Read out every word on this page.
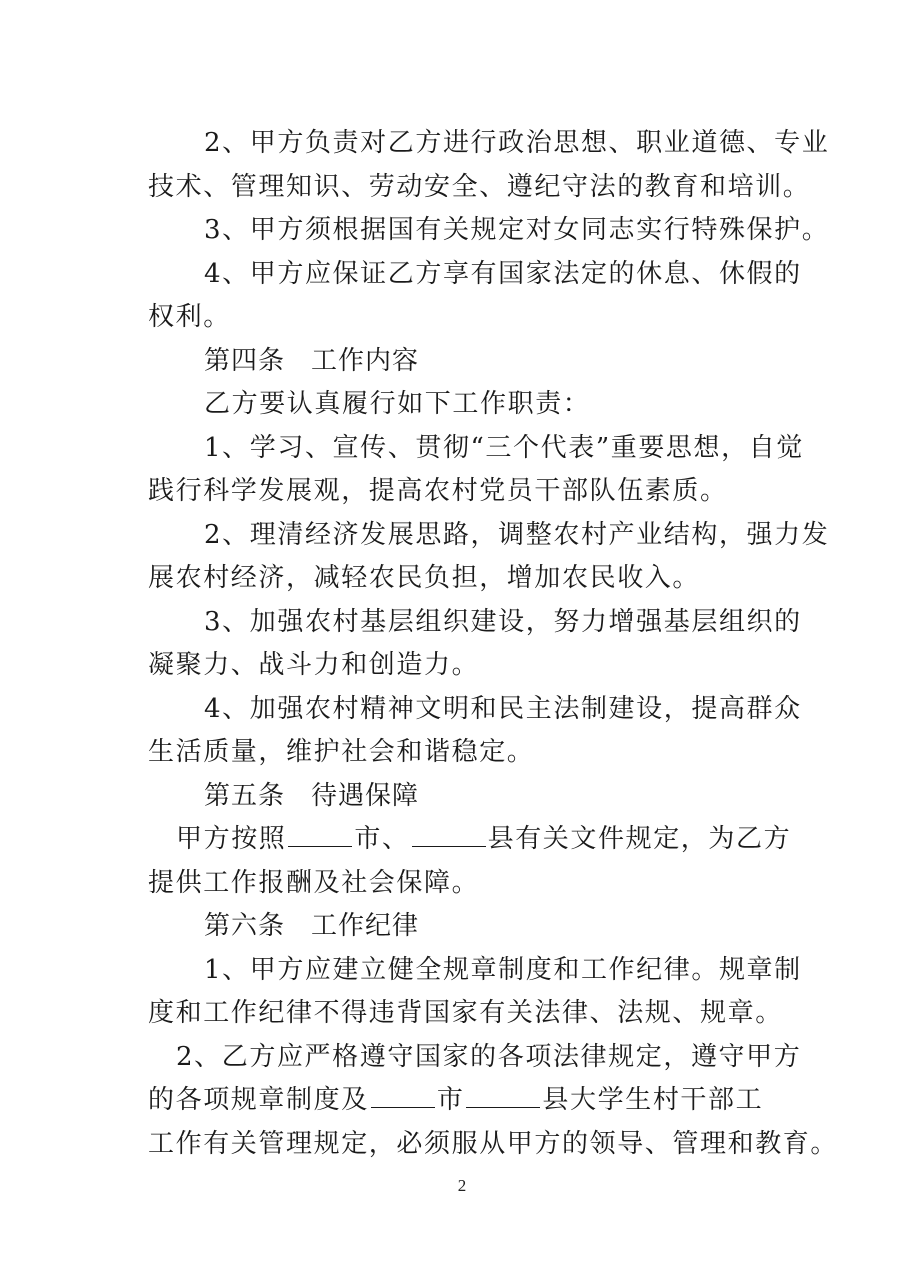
2、甲方负责对乙方进行政治思想、职业道德、专业
技术、管理知识、劳动安全、遵纪守法的教育和培训。
3、甲方须根据国有关规定对女同志实行特殊保护。
4、甲方应保证乙方享有国家法定的休息、休假的
权利。
第四条 工作内容
乙方要认真履行如下工作职责：
1、学习、宣传、贯彻“三个代表”重要思想，自觉
践行科学发展观，提高农村党员干部队伍素质。
2、理清经济发展思路，调整农村产业结构，强力发
展农村经济，减轻农民负担，增加农民收入。
3、加强农村基层组织建设，努力增强基层组织的
凝聚力、战斗力和创造力。
4、加强农村精神文明和民主法制建设，提高群众
生活质量，维护社会和谐稳定。
第五条 待遇保障
甲方按照	市、	县有关文件规定，为乙方
提供工作报酬及社会保障。
第六条 工作纪律
1、甲方应建立健全规章制度和工作纪律。规章制
度和工作纪律不得违背国家有关法律、法规、规章。
2、乙方应严格遵守国家的各项法律规定，遵守甲方
的各项规章制度及	市	县大学生村干部工
工作有关管理规定，必须服从甲方的领导、管理和教育。
2
